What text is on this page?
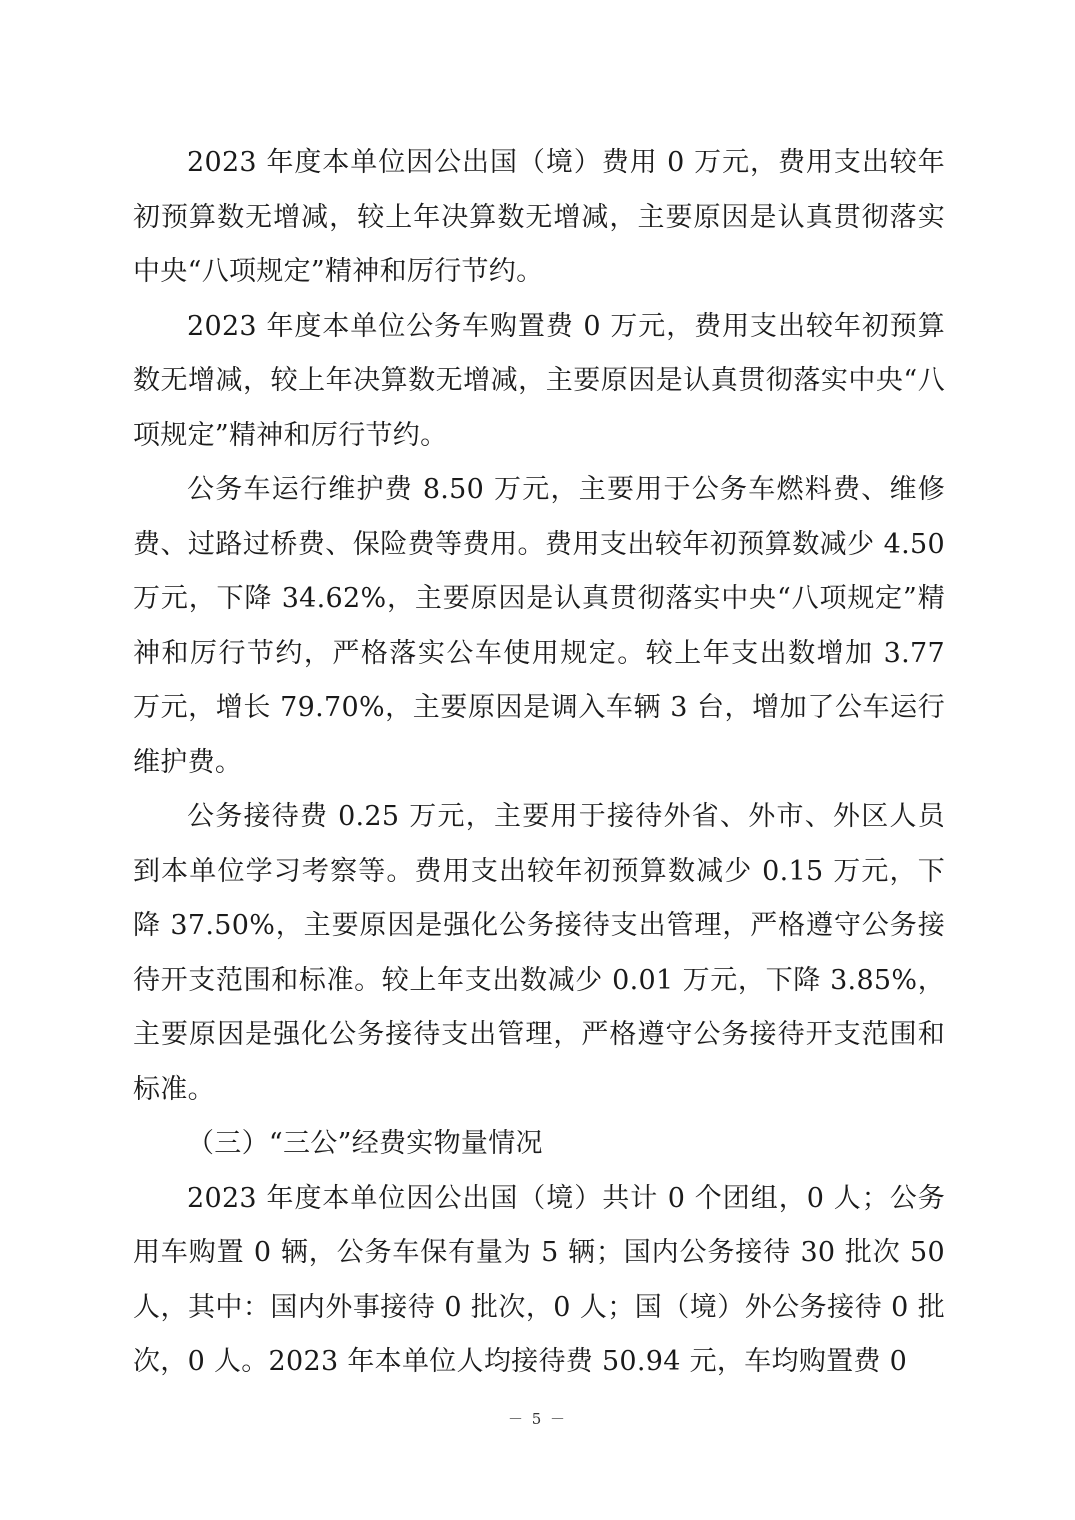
2023 年度本单位因公出国（境）费用 0 万元，费用支出较年初预算数无增减，较上年决算数无增减，主要原因是认真贯彻落实中央“八项规定”精神和厉行节约。

2023 年度本单位公务车购置费 0 万元，费用支出较年初预算数无增减，较上年决算数无增减，主要原因是认真贯彻落实中央“八项规定”精神和厉行节约。

公务车运行维护费 8.50 万元，主要用于公务车燃料费、维修费、过路过桥费、保险费等费用。费用支出较年初预算数减少 4.50 万元，下降 34.62%，主要原因是认真贯彻落实中央“八项规定”精神和厉行节约，严格落实公车使用规定。较上年支出数增加 3.77 万元，增长 79.70%，主要原因是调入车辆 3 台，增加了公车运行维护费。

公务接待费 0.25 万元，主要用于接待外省、外市、外区人员到本单位学习考察等。费用支出较年初预算数减少 0.15 万元，下降 37.50%，主要原因是强化公务接待支出管理，严格遵守公务接待开支范围和标准。较上年支出数减少 0.01 万元，下降 3.85%，主要原因是强化公务接待支出管理，严格遵守公务接待开支范围和标准。

（三）“三公”经费实物量情况

2023 年度本单位因公出国（境）共计 0 个团组，0 人；公务用车购置 0 辆，公务车保有量为 5 辆；国内公务接待 30 批次 50 人，其中：国内外事接待 0 批次，0 人；国（境）外公务接待 0 批次，0 人。2023 年本单位人均接待费 50.94 元，车均购置费 0

－ 5 －
